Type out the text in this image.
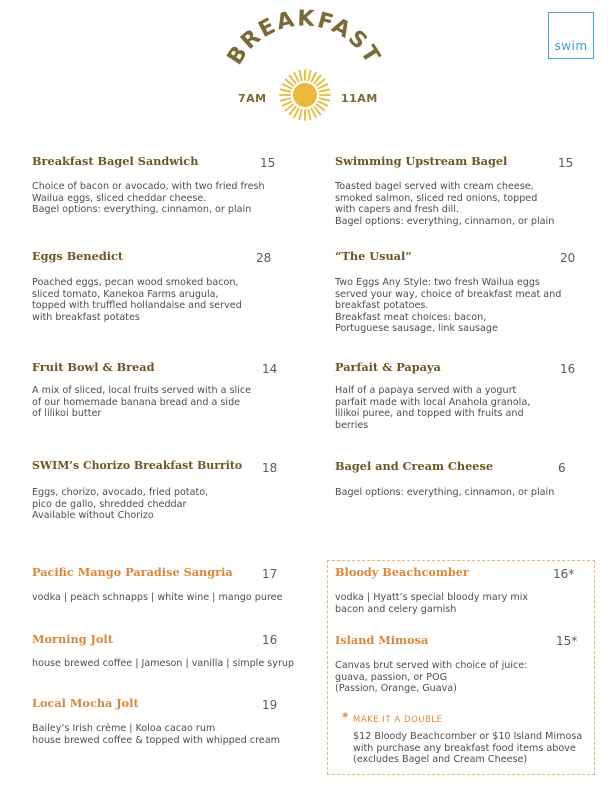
swim
BREAKFAST
7AM	11AM
Breakfast Bagel Sandwich	15
Choice of bacon or avocado, with two fried fresh
Wailua eggs, sliced cheddar cheese.
Bagel options: everything, cinnamon, or plain
Swimming Upstream Bagel	15
Toasted bagel served with cream cheese,
smoked salmon, sliced red onions, topped
with capers and fresh dill.
Bagel options: everything, cinnamon, or plain
Eggs Benedict	28
Poached eggs, pecan wood smoked bacon,
sliced tomato, Kanekoa Farms arugula,
topped with truffled hollandaise and served
with breakfast potates
“The Usual”	20
Two Eggs Any Style: two fresh Wailua eggs
served your way, choice of breakfast meat and
breakfast potatoes.
Breakfast meat choices: bacon,
Portuguese sausage, link sausage
Fruit Bowl & Bread	14
A mix of sliced, local fruits served with a slice
of our homemade banana bread and a side
of lilikoi butter
Parfait & Papaya	16
Half of a papaya served with a yogurt
parfait made with local Anahola granola,
lilikoi puree, and topped with fruits and
berries
SWIM’s Chorizo Breakfast Burrito 18
Eggs, chorizo, avocado, fried potato,
pico de gallo, shredded cheddar
Available without Chorizo
Bagel and Cream Cheese	6
Bagel options: everything, cinnamon, or plain
Pacific Mango Paradise Sangria 17
vodka | peach schnapps | white wine | mango puree
Bloody Beachcomber	16*
vodka | Hyatt’s special bloody mary mix
bacon and celery garnish
Morning Jolt	16
house brewed coffee | Jameson | vanilla | simple syrup
Island Mimosa	15*
Canvas brut served with choice of juice:
guava, passion, or POG
(Passion, Orange, Guava)
Local Mocha Jolt	19
Bailey’s Irish crème | Koloa cacao rum
house brewed coffee & topped with whipped cream
* MAKE IT A DOUBLE
$12 Bloody Beachcomber or $10 Island Mimosa
with purchase any breakfast food items above
(excludes Bagel and Cream Cheese)
